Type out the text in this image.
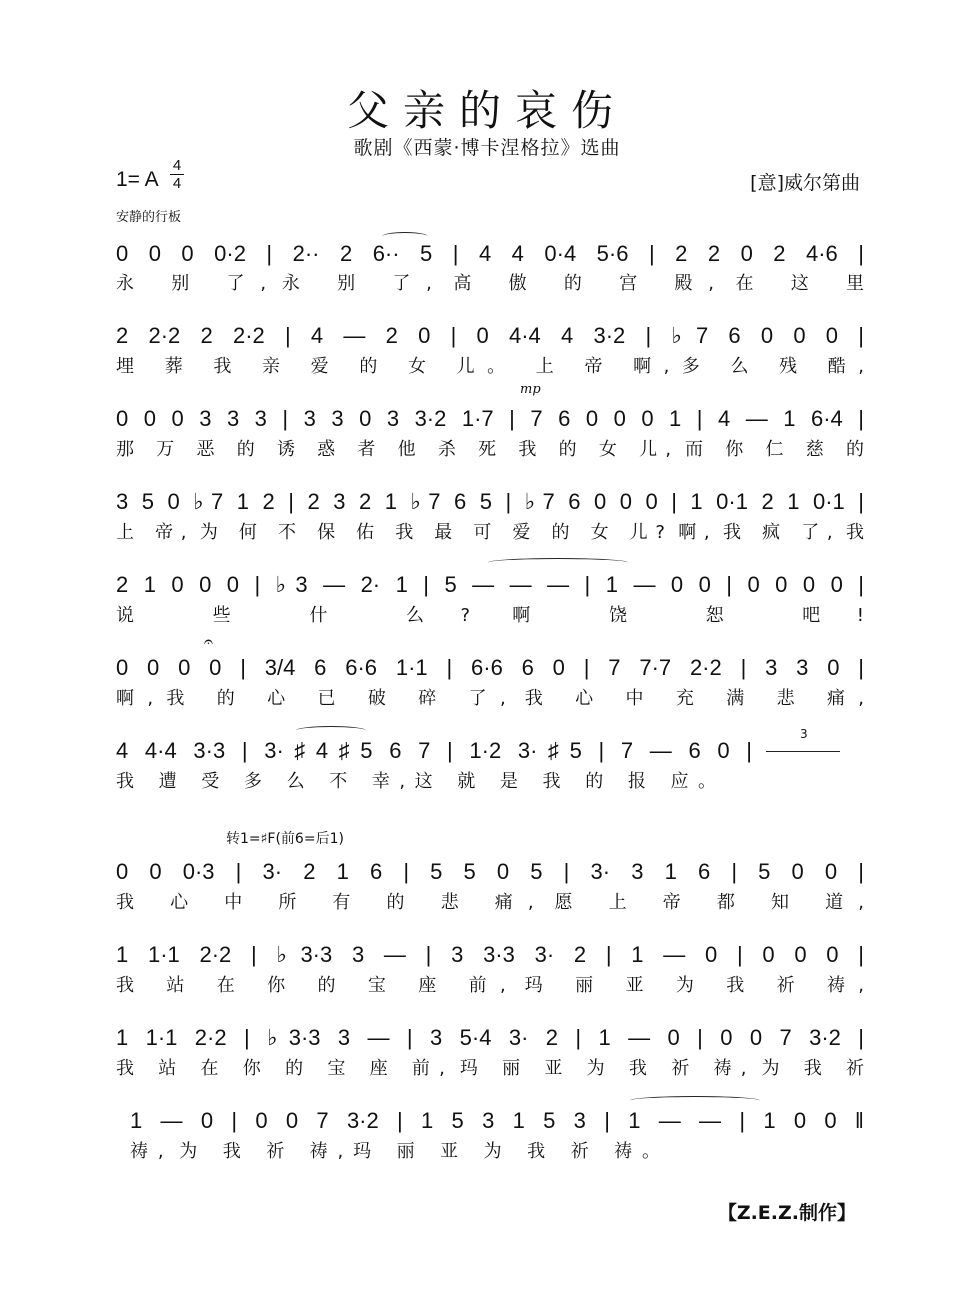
父亲的哀伤
歌剧《西蒙·博卡涅格拉》选曲
1= A
4
4	[意]威尔第曲
安静的行板
0 0 0 0·2 | 2·· 2 6·· 5 | 4 4 0·4 5·6 | 2 2 0 2 4·6 |
永 别 了,永 别 了, 高 傲 的 宫 殿, 在 这 里
2 2·2 2 2·2 | 4 — 2 0 | 0 4·4 4 3·2 | ♭7 6 0 0 0 |
埋 葬 我 亲 爱 的 女 儿。 上 帝 啊,多 么 残 酷,
mp
0 0 0 3 3 3 | 3 3 0 3 3·2 1·7 | 7 6 0 0 0 1 | 4 — 1 6·4 |
那 万 恶 的 诱 惑 者 他 杀 死 我 的 女 儿, 而 你 仁 慈 的
3 5 0 ♭7 1 2 | 2 3 2 1 ♭7 6 5 | ♭7 6 0 0 0 | 1 0·1 2 1 0·1 |
上 帝, 为 何 不 保 佑 我 最 可 爱 的 女 儿? 啊, 我 疯 了, 我
2 1 0 0 0 | ♭3 — 2· 1 | 5 — — — | 1 — 0 0 | 0 0 0 0 |
说 些 什 么? 啊 饶 恕 吧!
0 0 0 0 | 3/4 6 6·6 1·1 | 6·6 6 0 | 7 7·7 2·2 | 3 3 0 |
啊,我 的 心 已 破 碎 了, 我 心 中 充 满 悲 痛,
𝄐
4 4·4 3·3 | 3·♯4♯5 6 7 | 1·2 3·♯5 | 7 — 6 0 |
我 遭 受 多 么 不 幸,这 就 是 我 的 报 应。
3
转1=♯F(前6=后1)
0 0 0·3 | 3· 2 1 6 | 5 5 0 5 | 3· 3 1 6 | 5 0 0 |
我 心 中 所 有 的 悲 痛, 愿 上 帝 都 知 道,
1 1·1 2·2 | ♭3·3 3 — | 3 3·3 3· 2 | 1 — 0 | 0 0 0 |
我 站 在 你 的 宝 座 前, 玛 丽 亚 为 我 祈 祷,
1 1·1 2·2 | ♭3·3 3 — | 3 5·4 3· 2 | 1 — 0 | 0 0 7 3·2 |
我 站 在 你 的 宝 座 前, 玛 丽 亚 为 我 祈 祷, 为 我 祈
1 — 0 | 0 0 7 3·2 | 1 5 3 1 5 3 | 1 — — | 1 0 0 ‖
祷, 为 我 祈 祷,玛 丽 亚 为 我 祈 祷。
【Z.E.Z.制作】
